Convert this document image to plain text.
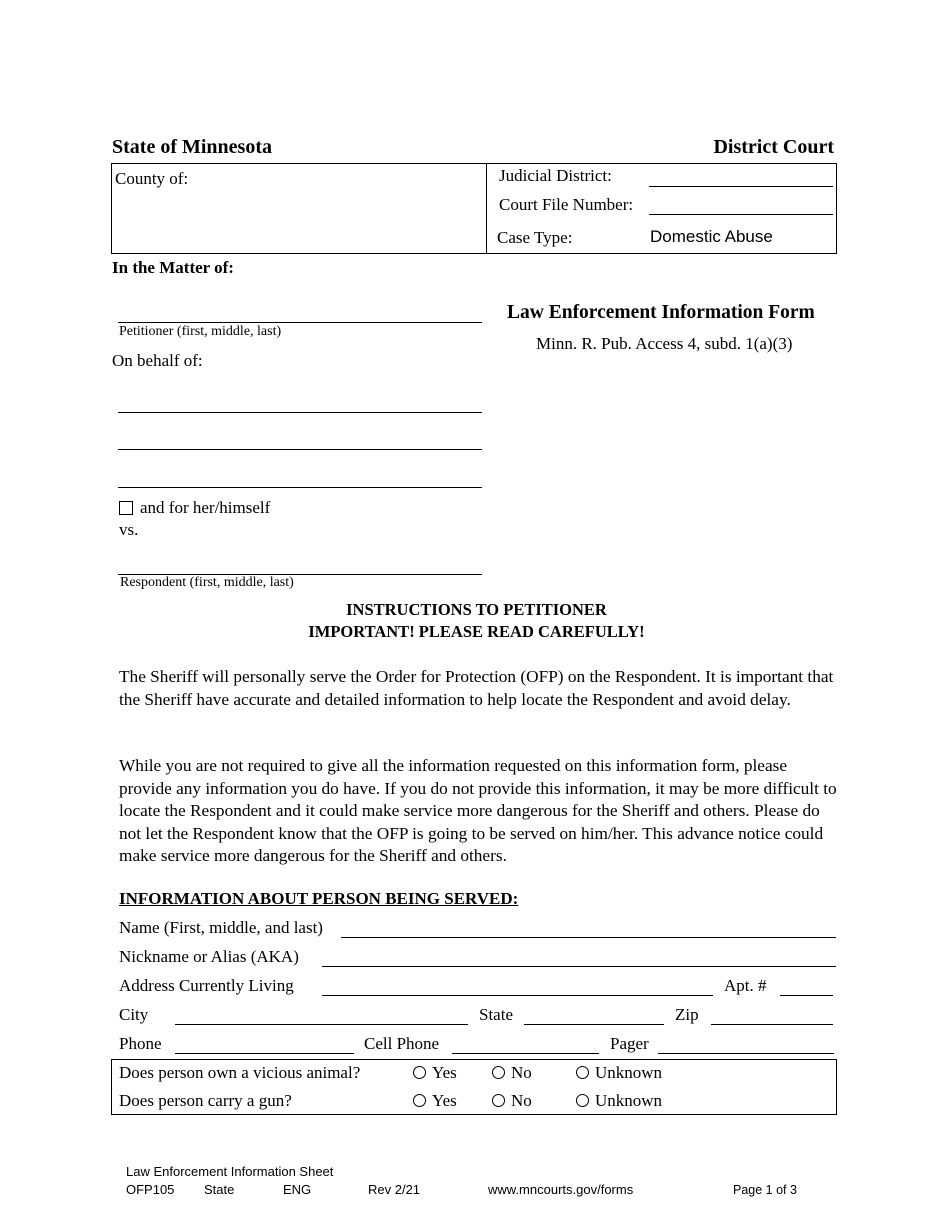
State of Minnesota	District Court
County of:	Judicial District:
Court File Number:
Case Type:	Domestic Abuse
In the Matter of:
Petitioner (first, middle, last)
On behalf of:
and for her/himself
vs.
Respondent (first, middle, last)
Law Enforcement Information Form
Minn. R. Pub. Access 4, subd. 1(a)(3)
INSTRUCTIONS TO PETITIONER
IMPORTANT! PLEASE READ CAREFULLY!
The Sheriff will personally serve the Order for Protection (OFP) on the Respondent. It is important that the Sheriff have accurate and detailed information to help locate the Respondent and avoid delay.
While you are not required to give all the information requested on this information form, please provide any information you do have. If you do not provide this information, it may be more difficult to locate the Respondent and it could make service more dangerous for the Sheriff and others. Please do not let the Respondent know that the OFP is going to be served on him/her. This advance notice could make service more dangerous for the Sheriff and others.
INFORMATION ABOUT PERSON BEING SERVED:
Name (First, middle, and last)
Nickname or Alias (AKA)
Address Currently Living	Apt. #
City	State	Zip
Phone	Cell Phone	Pager
Does person own a vicious animal?	Yes	No	Unknown
Does person carry a gun?	Yes	No	Unknown
Law Enforcement Information Sheet
OFP105 State	ENG	Rev 2/21	www.mncourts.gov/forms	Page 1 of 3
